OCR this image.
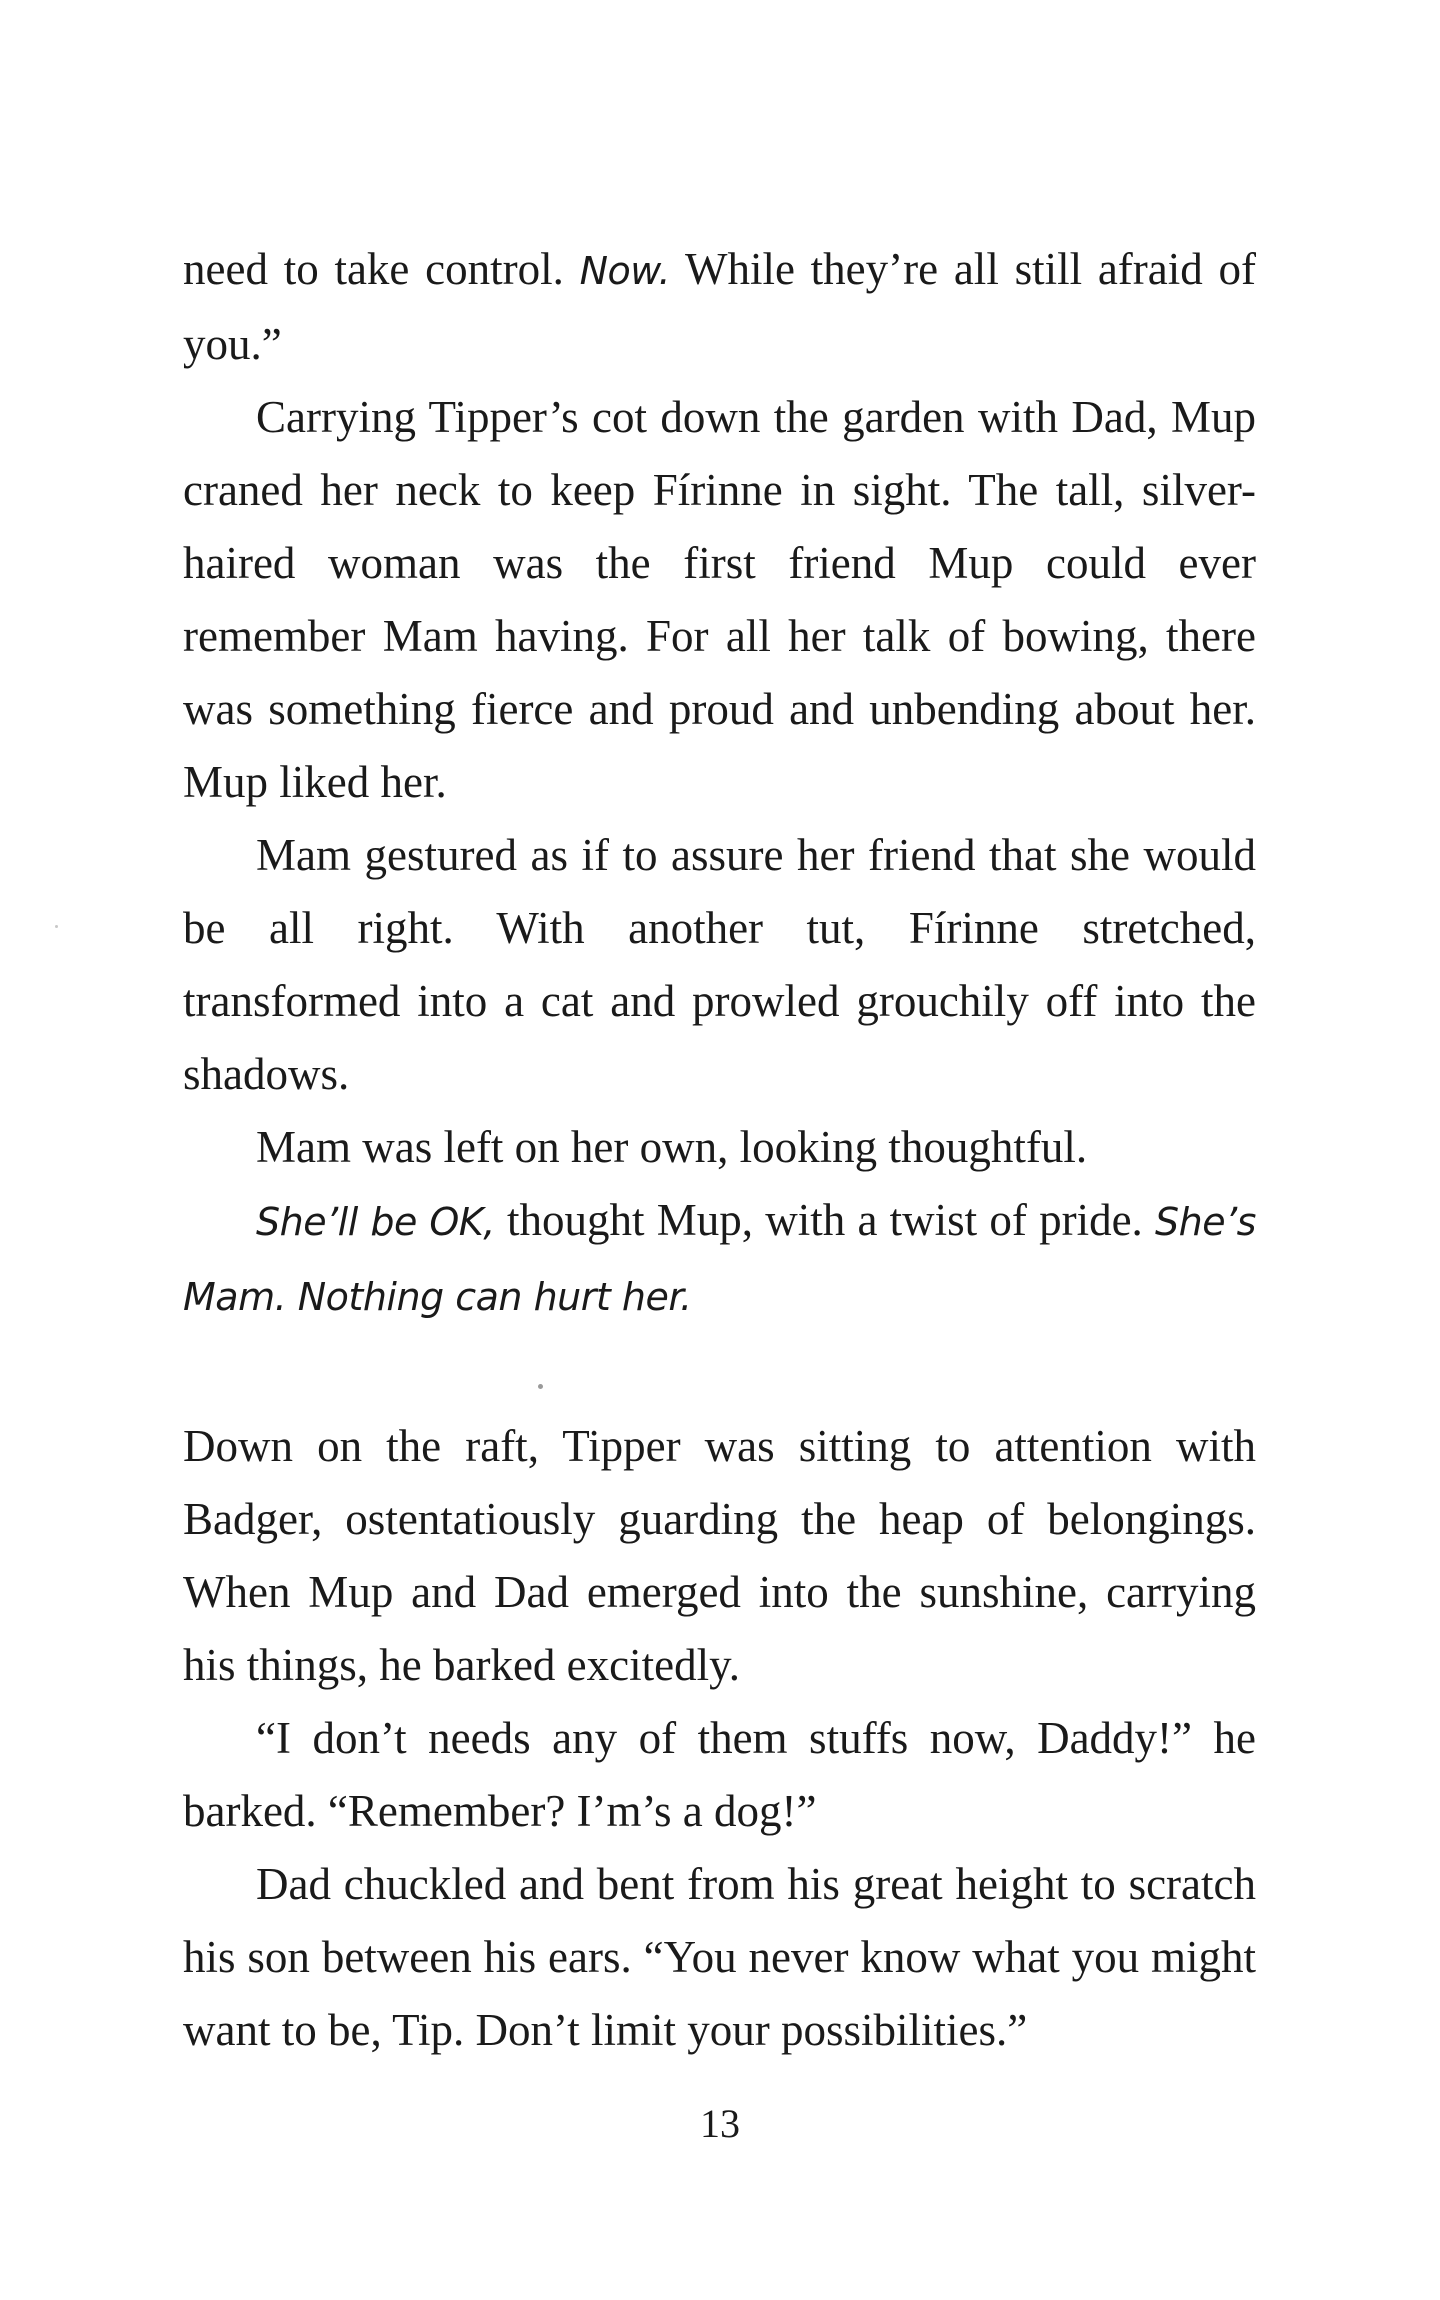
need to take control. Now. While they’re all still afraid of you.”

Carrying Tipper’s cot down the garden with Dad, Mup craned her neck to keep Fírinne in sight. The tall, silver-haired woman was the first friend Mup could ever remember Mam having. For all her talk of bowing, there was something fierce and proud and unbending about her. Mup liked her.

Mam gestured as if to assure her friend that she would be all right. With another tut, Fírinne stretched, transformed into a cat and prowled grouchily off into the shadows.

Mam was left on her own, looking thoughtful.

She’ll be OK, thought Mup, with a twist of pride. She’s Mam. Nothing can hurt her.

Down on the raft, Tipper was sitting to attention with Badger, ostentatiously guarding the heap of belongings. When Mup and Dad emerged into the sunshine, carrying his things, he barked excitedly.

“I don’t needs any of them stuffs now, Daddy!” he barked. “Remember? I’m’s a dog!”

Dad chuckled and bent from his great height to scratch his son between his ears. “You never know what you might want to be, Tip. Don’t limit your possibilities.”

13
